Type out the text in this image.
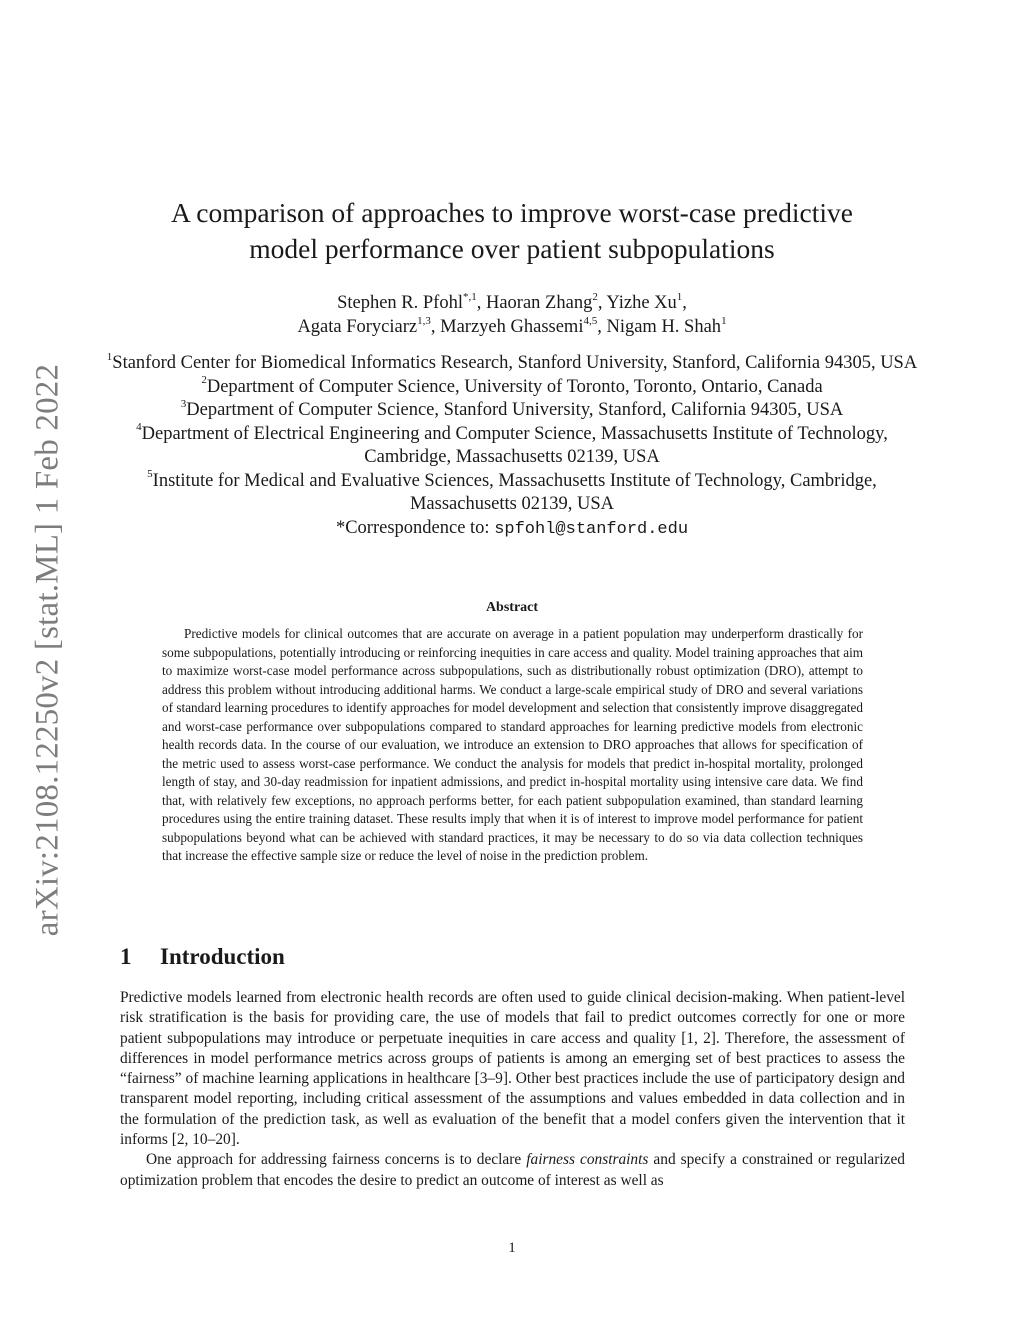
arXiv:2108.12250v2 [stat.ML] 1 Feb 2022
A comparison of approaches to improve worst-case predictive
model performance over patient subpopulations
Stephen R. Pfohl$^{*,1}$, Haoran Zhang$^2$, Yizhe Xu$^1$,
Agata Foryciarz$^{1,3}$, Marzyeh Ghassemi$^{4,5}$, Nigam H. Shah$^1$
$^1$Stanford Center for Biomedical Informatics Research, Stanford University, Stanford, California 94305, USA
$^2$Department of Computer Science, University of Toronto, Toronto, Ontario, Canada
$^3$Department of Computer Science, Stanford University, Stanford, California 94305, USA
$^4$Department of Electrical Engineering and Computer Science, Massachusetts Institute of Technology, Cambridge, Massachusetts 02139, USA
$^5$Institute for Medical and Evaluative Sciences, Massachusetts Institute of Technology, Cambridge, Massachusetts 02139, USA
*Correspondence to: spfohl@stanford.edu
Abstract
Predictive models for clinical outcomes that are accurate on average in a patient population may underperform drastically for some subpopulations, potentially introducing or reinforcing inequities in care access and quality. Model training approaches that aim to maximize worst-case model performance across subpopulations, such as distributionally robust optimization (DRO), attempt to address this problem without introducing additional harms. We conduct a large-scale empirical study of DRO and several variations of standard learning procedures to identify approaches for model development and selection that consistently improve disaggregated and worst-case performance over subpopulations compared to standard approaches for learning predictive models from electronic health records data. In the course of our evaluation, we introduce an extension to DRO approaches that allows for specification of the metric used to assess worst-case performance. We conduct the analysis for models that predict in-hospital mortality, prolonged length of stay, and 30-day readmission for inpatient admissions, and predict in-hospital mortality using intensive care data. We find that, with relatively few exceptions, no approach performs better, for each patient subpopulation examined, than standard learning procedures using the entire training dataset. These results imply that when it is of interest to improve model performance for patient subpopulations beyond what can be achieved with standard practices, it may be necessary to do so via data collection techniques that increase the effective sample size or reduce the level of noise in the prediction problem.
1 Introduction

Predictive models learned from electronic health records are often used to guide clinical decision-making. When patient-level risk stratification is the basis for providing care, the use of models that fail to predict outcomes correctly for one or more patient subpopulations may introduce or perpetuate inequities in care access and quality [1, 2]. Therefore, the assessment of differences in model performance metrics across groups of patients is among an emerging set of best practices to assess the “fairness” of machine learning applications in healthcare [3–9]. Other best practices include the use of participatory design and transparent model reporting, including critical assessment of the assumptions and values embedded in data collection and in the formulation of the prediction task, as well as evaluation of the benefit that a model confers given the intervention that it informs [2, 10–20].

One approach for addressing fairness concerns is to declare fairness constraints and specify a constrained or regularized optimization problem that encodes the desire to predict an outcome of interest as well as

1
